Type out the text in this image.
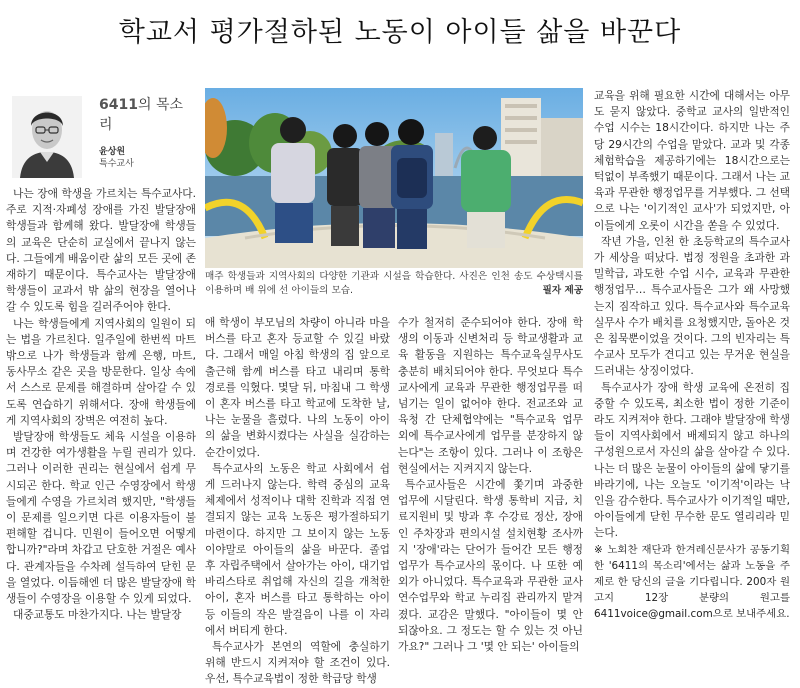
학교서 평가절하된 노동이 아이들 삶을 바꾼다
6411의 목소리
윤상원
특수교사
매주 학생들과 지역사회의 다양한 기관과 시설을 학습한다. 사진은 인천 송도 수상택시를 이용하며 배 위에 선 아이들의 모습.	필자 제공

나는 장애 학생을 가르치는 특수교사다. 주로 지적·자폐성 장애를 가진 발달장애 학생들과 함께해 왔다. 발달장애 학생들의 교육은 단순히 교실에서 끝나지 않는다. 그들에게 배움이란 삶의 모든 곳에 존재하기 때문이다. 특수교사는 발달장애 학생들이 교과서 밖 삶의 현장을 열어나갈 수 있도록 힘을 길러주어야 한다.

나는 학생들에게 지역사회의 일원이 되는 법을 가르친다. 일주일에 한번씩 마트 밖으로 나가 학생들과 함께 은행, 마트, 동사무소 같은 곳을 방문한다. 일상 속에서 스스로 문제를 해결하며 살아갈 수 있도록 연습하기 위해서다. 장애 학생들에게 지역사회의 장벽은 여전히 높다.

발달장애 학생들도 체육 시설을 이용하며 건강한 여가생활을 누릴 권리가 있다. 그러나 이러한 권리는 현실에서 쉽게 무시되곤 한다. 학교 인근 수영장에서 학생들에게 수영을 가르치려 했지만, "학생들이 문제를 일으키면 다른 이용자들이 불편해할 겁니다. 민원이 들어오면 어떻게 합니까?"라며 차갑고 단호한 거절은 예사다. 관계자들을 수차례 설득하여 닫힌 문을 열었다. 이듬해엔 더 많은 발달장애 학생들이 수영장을 이용할 수 있게 되었다.

대중교통도 마찬가지다. 나는 발달장

애 학생이 부모님의 차량이 아니라 마을버스를 타고 혼자 등교할 수 있길 바랐다. 그래서 매일 아침 학생의 집 앞으로 출근해 함께 버스를 타고 내리며 통학 경로를 익혔다. 몇달 뒤, 마침내 그 학생이 혼자 버스를 타고 학교에 도착한 날, 나는 눈물을 흘렸다. 나의 노동이 아이의 삶을 변화시켰다는 사실을 실감하는 순간이었다.

특수교사의 노동은 학교 사회에서 쉽게 드러나지 않는다. 학력 중심의 교육 체제에서 성적이나 대학 진학과 직접 연결되지 않는 교육 노동은 평가절하되기 마련이다. 하지만 그 보이지 않는 노동이야말로 아이들의 삶을 바꾼다. 졸업 후 자립주택에서 살아가는 아이, 대기업 바리스타로 취업해 자신의 길을 개척한 아이, 혼자 버스를 타고 통학하는 아이 등 이들의 작은 발걸음이 나를 이 자리에서 버티게 한다.

특수교사가 본연의 역할에 충실하기 위해 반드시 지켜져야 할 조건이 있다. 우선, 특수교육법이 정한 학급당 학생

수가 철저히 준수되어야 한다. 장애 학생의 이동과 신변처리 등 학교생활과 교육 활동을 지원하는 특수교육실무사도 충분히 배치되어야 한다. 무엇보다 특수교사에게 교육과 무관한 행정업무를 떠넘기는 일이 없어야 한다. 전교조와 교육청 간 단체협약에는 "특수교육 업무 외에 특수교사에게 업무를 분장하지 않는다"는 조항이 있다. 그러나 이 조항은 현실에서는 지켜지지 않는다.

특수교사들은 시간에 쫓기며 과중한 업무에 시달린다. 학생 통학비 지급, 치료지원비 및 방과 후 수강료 정산, 장애인 주차장과 편의시설 설치현황 조사까지 '장애'라는 단어가 들어간 모든 행정업무가 특수교사의 몫이다. 나 또한 예외가 아니었다. 특수교육과 무관한 교사연수업무와 학교 누리집 관리까지 맡겨졌다. 교감은 말했다. "아이들이 몇 안 되잖아요. 그 정도는 할 수 있는 것 아닌가요?" 그러나 그 '몇 안 되는' 아이들의

교육을 위해 필요한 시간에 대해서는 아무도 묻지 않았다. 중학교 교사의 일반적인 수업 시수는 18시간이다. 하지만 나는 주당 29시간의 수업을 맡았다. 교과 및 각종 체험학습을 제공하기에는 18시간으로는 턱없이 부족했기 때문이다. 그래서 나는 교육과 무관한 행정업무를 거부했다. 그 선택으로 나는 '이기적인 교사'가 되었지만, 아이들에게 오롯이 시간을 쏟을 수 있었다.

작년 가을, 인천 한 초등학교의 특수교사가 세상을 떠났다. 법정 정원을 초과한 과밀학급, 과도한 수업 시수, 교육과 무관한 행정업무… 특수교사들은 그가 왜 사망했는지 짐작하고 있다. 특수교사와 특수교육실무사 수가 배치를 요청했지만, 돌아온 것은 침묵뿐이었을 것이다. 그의 빈자리는 특수교사 모두가 견디고 있는 무거운 현실을 드러내는 상징이었다.

특수교사가 장애 학생 교육에 온전히 집중할 수 있도록, 최소한 법이 정한 기준이라도 지켜져야 한다. 그래야 발달장애 학생들이 지역사회에서 배제되지 않고 하나의 구성원으로서 자신의 삶을 살아갈 수 있다. 나는 더 많은 눈물이 아이들의 삶에 닿기를 바라기에, 나는 오늘도 '이기적'이라는 낙인을 감수한다. 특수교사가 이기적일 때만, 아이들에게 닫힌 무수한 문도 열리리라 믿는다.

※ 노회찬 재단과 한겨레신문사가 공동기획한 '6411의 목소리'에서는 삶과 노동을 주제로 한 당신의 글을 기다립니다. 200자 원고지 12장 분량의 원고를 6411voice@gmail.com으로 보내주세요.
